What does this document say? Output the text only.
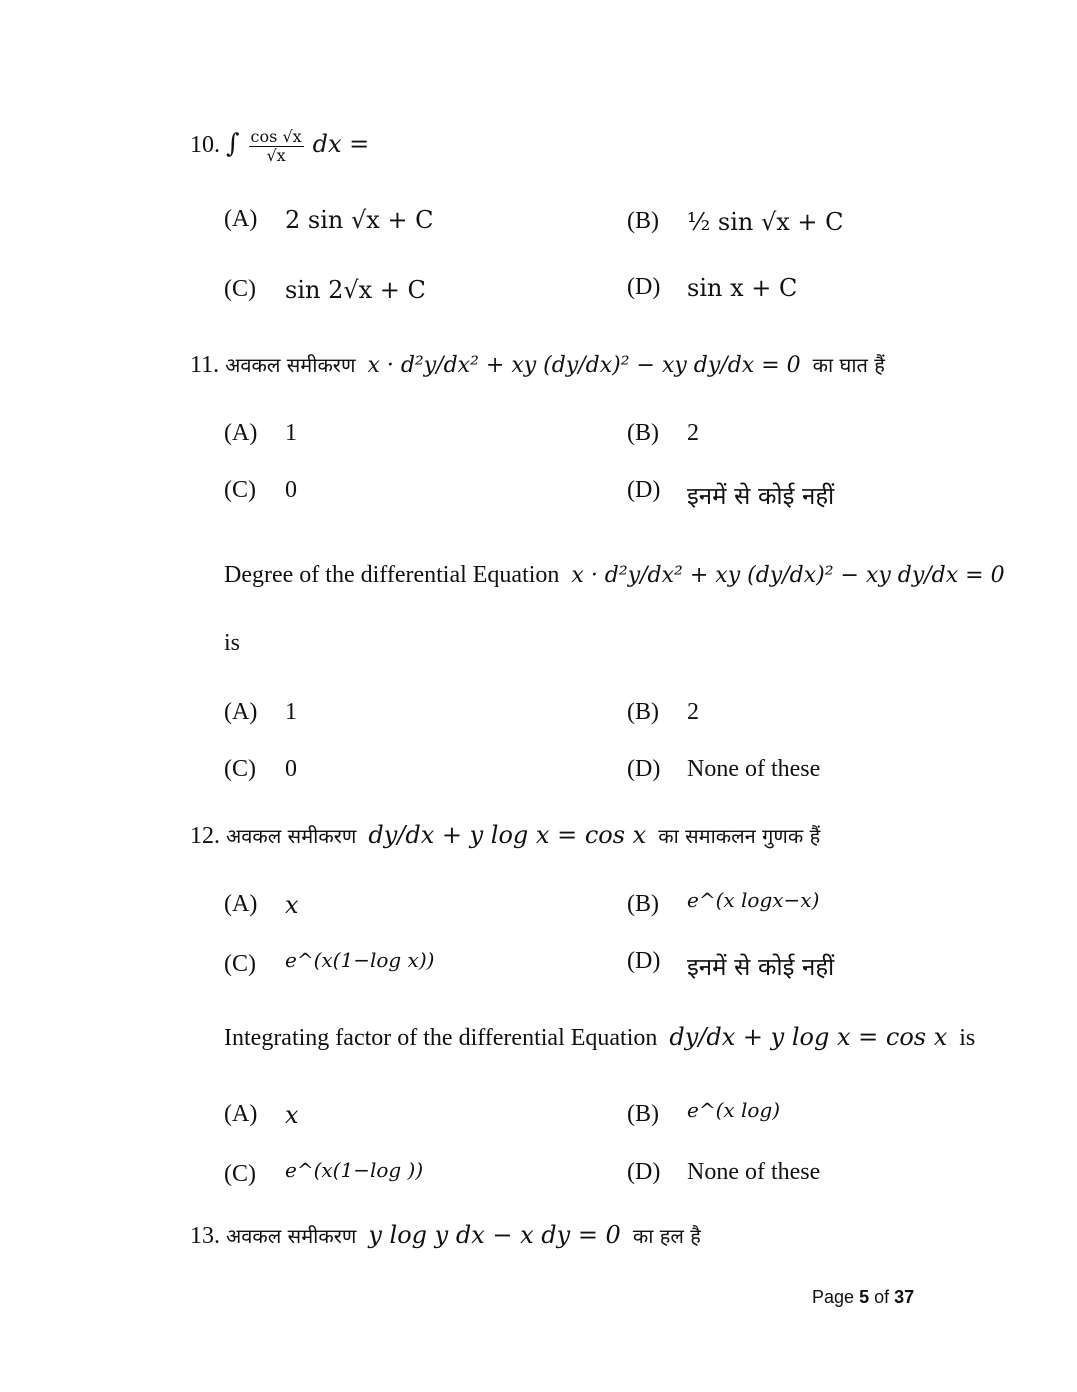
10. ∫ $\frac{\cos √x}{√x}$ dx =
(A) 2 sin √x + C	(B) ½ sin √x + C
(C) sin 2√x + C	(D) sin x + C
11. अवकल समीकरण x · d²y/dx² + xy (dy/dx)² − xy dy/dx = 0 का घात हैं
(A) 1	(B) 2
(C) 0	(D) इनमें से कोई नहीं
Degree of the differential Equation x · d²y/dx² + xy (dy/dx)² − xy dy/dx = 0
is
(A) 1	(B) 2
(C) 0	(D) None of these
12. अवकल समीकरण dy/dx + y log x = cos x का समाकलन गुणक हैं
(A) x	(B) e^(x logx−x)
(C) e^(x(1−log x))	(D) इनमें से कोई नहीं
Integrating factor of the differential Equation dy/dx + y log x = cos x is
(A) x	(B) e^(x log)
(C) e^(x(1−log ))	(D) None of these
13. अवकल समीकरण y log y dx − x dy = 0 का हल है
Page 5 of 37
